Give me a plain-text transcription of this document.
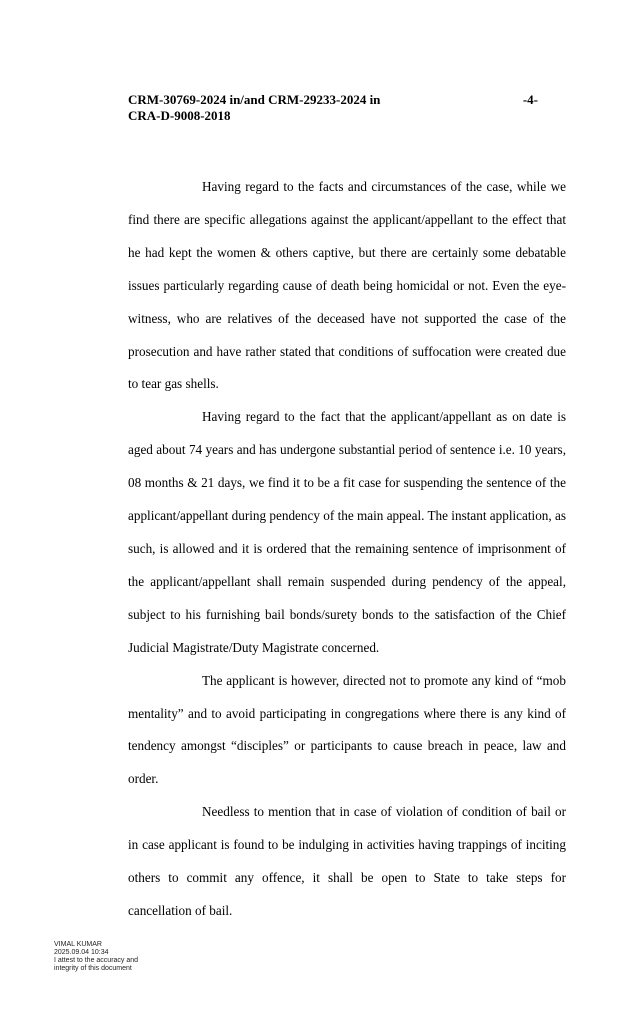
CRM-30769-2024 in/and CRM-29233-2024 in	-4-
CRA-D-9008-2018

Having regard to the facts and circumstances of the case, while we find there are specific allegations against the applicant/appellant to the effect that he had kept the women & others captive, but there are certainly some debatable issues particularly regarding cause of death being homicidal or not. Even the eye-witness, who are relatives of the deceased have not supported the case of the prosecution and have rather stated that conditions of suffocation were created due to tear gas shells.

Having regard to the fact that the applicant/appellant as on date is aged about 74 years and has undergone substantial period of sentence i.e. 10 years, 08 months & 21 days, we find it to be a fit case for suspending the sentence of the applicant/appellant during pendency of the main appeal. The instant application, as such, is allowed and it is ordered that the remaining sentence of imprisonment of the applicant/appellant shall remain suspended during pendency of the appeal, subject to his furnishing bail bonds/surety bonds to the satisfaction of the Chief Judicial Magistrate/Duty Magistrate concerned.

The applicant is however, directed not to promote any kind of “mob mentality” and to avoid participating in congregations where there is any kind of tendency amongst “disciples” or participants to cause breach in peace, law and order.

Needless to mention that in case of violation of condition of bail or in case applicant is found to be indulging in activities having trappings of inciting others to commit any offence, it shall be open to State to take steps for cancellation of bail.

VIMAL KUMAR
2025.09.04 10:34
I attest to the accuracy and
integrity of this document
